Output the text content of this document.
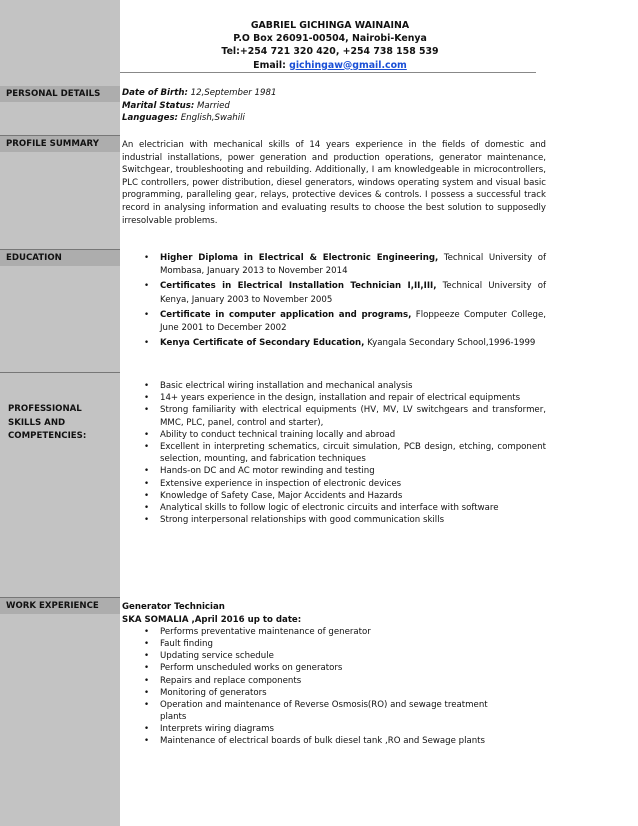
GABRIEL GICHINGA WAINAINA
P.O Box 26091-00504, Nairobi-Kenya
Tel:+254 721 320 420, +254 738 158 539
Email: gichingaw@gmail.com
PERSONAL DETAILS	Date of Birth: 12,September 1981
Marital Status: Married
Languages: English,Swahili
PROFILE SUMMARY	An electrician with mechanical skills of 14 years experience in the fields of domestic and industrial installations, power generation and production operations, generator maintenance, Switchgear, troubleshooting and rebuilding. Additionally, I am knowledgeable in microcontrollers, PLC controllers, power distribution, diesel generators, windows operating system and visual basic programming, paralleling gear, relays, protective devices & controls. I possess a successful track record in analysing information and evaluating results to choose the best solution to supposedly irresolvable problems.
EDUCATION
•	Higher Diploma in Electrical & Electronic Engineering, Technical University of Mombasa, January 2013 to November 2014
• Certificates in Electrical Installation Technician I,II,III, Technical University of Kenya, January 2003 to November 2005
• Certificate in computer application and programs, Floppeeze Computer College, June 2001 to December 2002
• Kenya Certificate of Secondary Education, Kyangala Secondary School,1996-1999
PROFESSIONAL
SKILLS AND
COMPETENCIES:
• Basic electrical wiring installation and mechanical analysis
• 14+ years experience in the design, installation and repair of electrical equipments
• Strong familiarity with electrical equipments (HV, MV, LV switchgears and transformer, MMC, PLC, panel, control and starter),
• Ability to conduct technical training locally and abroad
• Excellent in interpreting schematics, circuit simulation, PCB design, etching, component selection, mounting, and fabrication techniques
• Hands-on DC and AC motor rewinding and testing
• Extensive experience in inspection of electronic devices
• Knowledge of Safety Case, Major Accidents and Hazards
• Analytical skills to follow logic of electronic circuits and interface with software
• Strong interpersonal relationships with good communication skills
WORK EXPERIENCE	Generator Technician
SKA SOMALIA ,April 2016 up to date:
• Performs preventative maintenance of generator
• Fault finding
• Updating service schedule
• Perform unscheduled works on generators
• Repairs and replace components
• Monitoring of generators
• Operation and maintenance of Reverse Osmosis(RO) and sewage treatment plants
• Interprets wiring diagrams
• Maintenance of electrical boards of bulk diesel tank ,RO and Sewage plants
